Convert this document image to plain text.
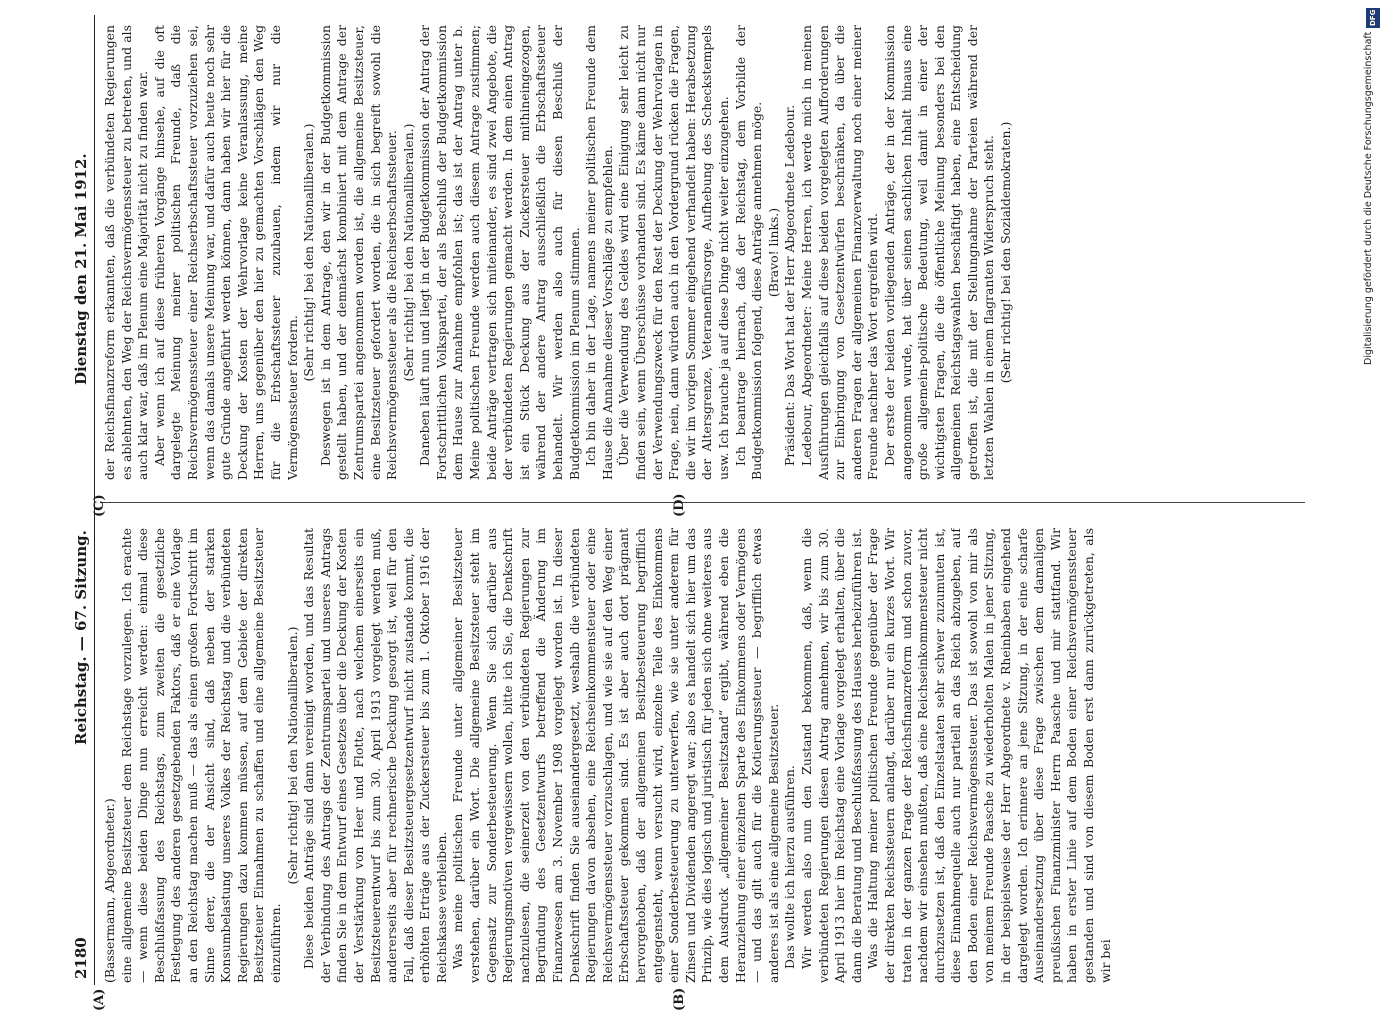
2180
Reichstag. — 67. Sitzung.
Dienstag den 21. Mai 1912.

(Bassermann, Abgeordneter.) eine allgemeine Besitzsteuer dem Reichstage vorzulegen. Ich erachte — wenn diese beiden Dinge nun erreicht werden: einmal diese Beschlußfassung des Reichstags, zum zweiten die gesetzliche Festlegung des anderen gesetzgebenden Faktors, daß er eine Vorlage an den Reichstag machen muß — das als einen großen Fortschritt im Sinne derer, die der Ansicht sind, daß neben der starken Konsumbelastung unseres Volkes der Reichstag und die verbündeten Regierungen dazu kommen müssen, auf dem Gebiete der direkten Besitzsteuer Einnahmen zu schaffen und eine allgemeine Besitzsteuer einzuführen.

(Sehr richtig! bei den Nationalliberalen.) Diese beiden Anträge sind dann vereinigt worden, und das Resultat der Verbindung des Antrags der Zentrumspartei und unseres Antrags finden Sie in dem Entwurf eines Gesetzes über die Deckung der Kosten der Verstärkung von Heer und Flotte, nach welchem einerseits ein Besitzsteuerentwurf bis zum 30. April 1913 vorgelegt werden muß, andererseits aber für rechnerische Deckung gesorgt ist, weil für den Fall, daß dieser Besitzsteuergesetzentwurf nicht zustande kommt, die erhöhten Erträge aus der Zuckersteuer bis zum 1. Oktober 1916 der Reichskasse verbleiben. Was meine politischen Freunde unter allgemeiner Besitzsteuer verstehen, darüber ein Wort. Die allgemeine Besitzsteuer steht im Gegensatz zur Sonderbesteuerung. Wenn Sie sich darüber aus Regierungsmotiven vergewissern wollen, bitte ich Sie, die Denkschrift nachzulesen, die seinerzeit von den verbündeten Regierungen zur Begründung des Gesetzentwurfs betreffend die Änderung im Finanzwesen am 3. November 1908 vorgelegt worden ist. In dieser Denkschrift finden Sie auseinandergesetzt, weshalb die verbündeten Regierungen davon absehen, eine Reichseinkommensteuer oder eine Reichsvermögenssteuer vorzuschlagen, und wie sie auf den Weg einer Erbschaftssteuer gekommen sind. Es ist aber auch dort prägnant hervorgehoben, daß der allgemeinen Besitzbesteuerung begrifflich entgegensteht, wenn versucht wird, einzelne Teile des Einkommens einer Sonderbesteuerung zu unterwerfen, wie sie unter anderem für Zinsen und Dividenden angeregt war; also es handelt sich hier um das Prinzip, wie dies logisch und juristisch für jeden sich ohne weiteres aus dem Ausdruck „allgemeiner Besitzstand“ ergibt, während eben die Heranziehung einer einzelnen Sparte des Einkommens oder Vermögens — und das gilt auch für die Kotierungssteuer — begrifflich etwas anderes ist als eine allgemeine Besitzsteuer. Das wollte ich hierzu ausführen. Wir werden also nun den Zustand bekommen, daß, wenn die verbündeten Regierungen diesen Antrag annehmen, wir bis zum 30. April 1913 hier im Reichstag eine Vorlage vorgelegt erhalten, über die dann die Beratung und Beschlußfassung des Hauses herbeizuführen ist. Was die Haltung meiner politischen Freunde gegenüber der Frage der direkten Reichssteuern anlangt, darüber nur ein kurzes Wort. Wir traten in der ganzen Frage der Reichsfinanzreform und schon zuvor, nachdem wir einsehen mußten, daß eine Reichseinkommensteuer nicht durchzusetzen ist, daß den Einzelstaaten sehr schwer zuzumuten ist, diese Einnahmequelle auch nur partiell an das Reich abzugeben, auf den Boden einer Reichsvermögenssteuer. Das ist sowohl von mir als von meinem Freunde Paasche zu wiederholten Malen in jener Sitzung, in der beispielsweise der Herr Abgeordnete v. Rheinbaben eingehend dargelegt worden. Ich erinnere an jene Sitzung, in der eine scharfe Auseinandersetzung über diese Frage zwischen dem damaligen preußischen Finanzminister Herrn Paasche und mir stattfand. Wir haben in erster Linie auf dem Boden einer Reichsvermögenssteuer gestanden und sind von diesem Boden erst dann zurückgetreten, als wir bei

der Reichsfinanzreform erkannten, daß die verbündeten Regierungen es ablehnten, den Weg der Reichsvermögenssteuer zu betreten, und als auch klar war, daß im Plenum eine Majorität nicht zu finden war. Aber wenn ich auf diese früheren Vorgänge hinsehe, auf die oft dargelegte Meinung meiner politischen Freunde, daß die Reichsvermögenssteuer einer Reichserbschaftssteuer vorzuziehen sei, wenn das damals unsere Meinung war, und dafür auch heute noch sehr gute Gründe angeführt werden können, dann haben wir hier für die Deckung der Kosten der Wehrvorlage keine Veranlassung, meine Herren, uns gegenüber den hier zu gemachten Vorschlägen den Weg für die Erbschaftssteuer zuzubauen, indem wir nur die Vermögenssteuer fordern.

(Sehr richtig! bei den Nationalliberalen.) Deswegen ist in dem Antrage, den wir in der Budgetkommission gestellt haben, und der demnächst kombiniert mit dem Antrage der Zentrumspartei angenommen worden ist, die allgemeine Besitzsteuer, eine Besitzsteuer gefordert worden, die in sich begreift sowohl die Reichsvermögenssteuer als die Reichserbschaftssteuer. (Sehr richtig! bei den Nationalliberalen.) Daneben läuft nun und liegt in der Budgetkommission der Antrag der Fortschrittlichen Volkspartei, der als Beschluß der Budgetkommission dem Hause zur Annahme empfohlen ist; das ist der Antrag unter b. Meine politischen Freunde werden auch diesem Antrage zustimmen; beide Anträge vertragen sich miteinander, es sind zwei Angebote, die der verbündeten Regierungen gemacht werden. In dem einen Antrag ist ein Stück Deckung aus der Zuckersteuer mithineingezogen, während der andere Antrag ausschließlich die Erbschaftssteuer behandelt. Wir werden also auch für diesen Beschluß der Budgetkommission im Plenum stimmen. Ich bin daher in der Lage, namens meiner politischen Freunde dem Hause die Annahme dieser Vorschläge zu empfehlen. Über die Verwendung des Geldes wird eine Einigung sehr leicht zu finden sein, wenn Überschüsse vorhanden sind. Es käme dann nicht nur der Verwendungszweck für den Rest der Deckung der Wehrvorlagen in Frage, nein, dann würden auch in den Vordergrund rücken die Fragen, die wir im vorigen Sommer eingehend verhandelt haben: Herabsetzung der Altersgrenze, Veteranenfürsorge, Aufhebung des Scheckstempels usw. Ich brauche ja auf diese Dinge nicht weiter einzugehen. Ich beantrage hiernach, daß der Reichstag, dem Vorbilde der Budgetkommission folgend, diese Anträge annehmen möge. (Bravo! links.) Präsident: Das Wort hat der Herr Abgeordnete Ledebour. Ledebour, Abgeordneter: Meine Herren, ich werde mich in meinen Ausführungen gleichfalls auf diese beiden vorgelegten Aufforderungen zur Einbringung von Gesetzentwürfen beschränken, da über die anderen Fragen der allgemeinen Finanzverwaltung noch einer meiner Freunde nachher das Wort ergreifen wird. Der erste der beiden vorliegenden Anträge, der in der Kommission angenommen wurde, hat über seinen sachlichen Inhalt hinaus eine große allgemein-politische Bedeutung, weil damit in einer der wichtigsten Fragen, die die öffentliche Meinung besonders bei den allgemeinen Reichstagswahlen beschäftigt haben, eine Entscheidung getroffen ist, die mit der Stellungnahme der Parteien während der letzten Wahlen in einem flagranten Widerspruch steht. (Sehr richtig! bei den Sozialdemokraten.)

(A)	(B)
(C)	(D)
DFG
Digitalisierung gefördert durch die Deutsche Forschungsgemeinschaft
